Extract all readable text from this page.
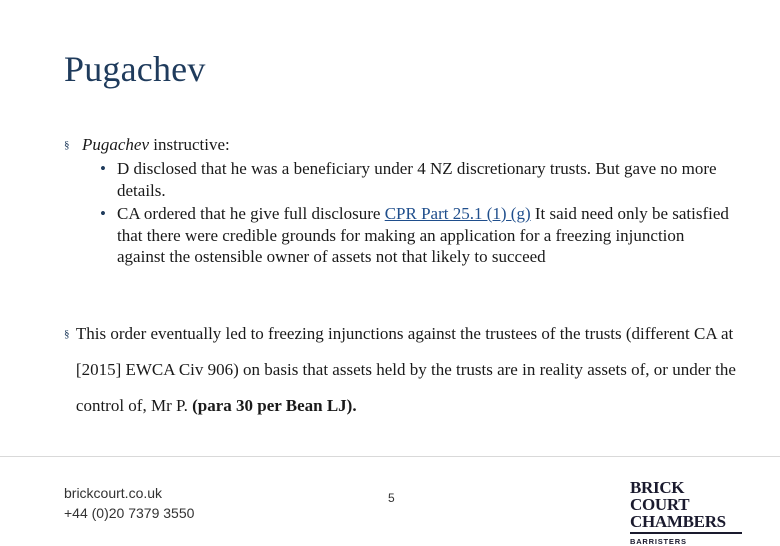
Pugachev
§ Pugachev instructive:
• D disclosed that he was a beneficiary under 4 NZ discretionary trusts. But gave no more details.
• CA ordered that he give full disclosure CPR Part 25.1 (1) (g) It said need only be satisfied that there were credible grounds for making an application for a freezing injunction against the ostensible owner of assets not that likely to succeed
§ This order eventually led to freezing injunctions against the trustees of the trusts (different CA at [2015] EWCA Civ 906) on basis that assets held by the trusts are in reality assets of, or under the control of, Mr P. (para 30 per Bean LJ).
brickcourt.co.uk
+44 (0)20 7379 3550
5
BRICK COURT
CHAMBERS
BARRISTERS
